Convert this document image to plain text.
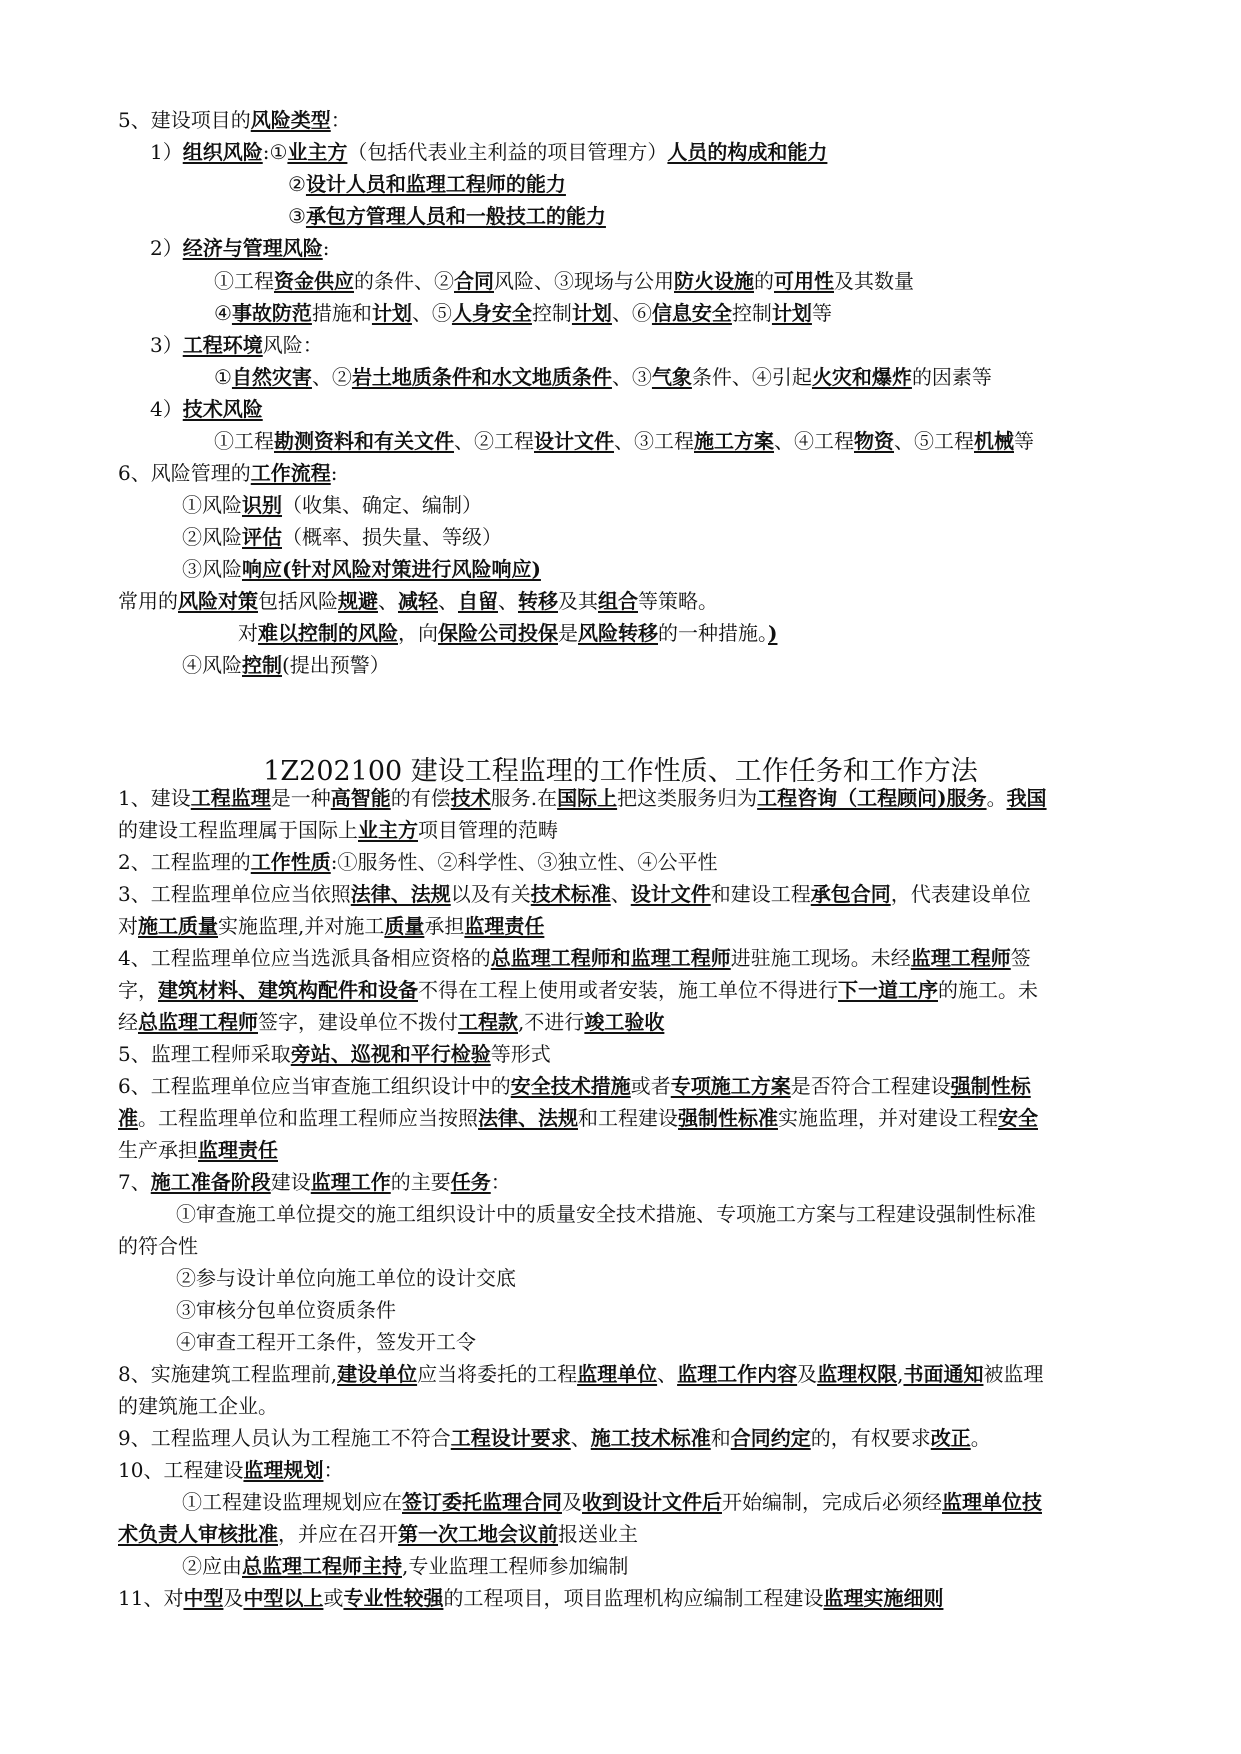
5、建设项目的风险类型：
1）组织风险:①业主方（包括代表业主利益的项目管理方）人员的构成和能力
②设计人员和监理工程师的能力
③承包方管理人员和一般技工的能力
2）经济与管理风险:
①工程资金供应的条件、②合同风险、③现场与公用防火设施的可用性及其数量
④事故防范措施和计划、⑤人身安全控制计划、⑥信息安全控制计划等
3）工程环境风险：
①自然灾害、②岩土地质条件和水文地质条件、③气象条件、④引起火灾和爆炸的因素等
4）技术风险
①工程勘测资料和有关文件、②工程设计文件、③工程施工方案、④工程物资、⑤工程机械等
6、风险管理的工作流程:
①风险识别（收集、确定、编制）
②风险评估（概率、损失量、等级）
③风险响应(针对风险对策进行风险响应)
常用的风险对策包括风险规避、减轻、自留、转移及其组合等策略。
对难以控制的风险，向保险公司投保是风险转移的一种措施。)
④风险控制(提出预警）
1Z202100 建设工程监理的工作性质、工作任务和工作方法
1、建设工程监理是一种高智能的有偿技术服务.在国际上把这类服务归为工程咨询（工程顾问)服务。我国
的建设工程监理属于国际上业主方项目管理的范畴
2、工程监理的工作性质:①服务性、②科学性、③独立性、④公平性
3、工程监理单位应当依照法律、法规以及有关技术标准、设计文件和建设工程承包合同，代表建设单位
对施工质量实施监理,并对施工质量承担监理责任
4、工程监理单位应当选派具备相应资格的总监理工程师和监理工程师进驻施工现场。未经监理工程师签
字，建筑材料、建筑构配件和设备不得在工程上使用或者安装，施工单位不得进行下一道工序的施工。未
经总监理工程师签字，建设单位不拨付工程款,不进行竣工验收
5、监理工程师采取旁站、巡视和平行检验等形式
6、工程监理单位应当审查施工组织设计中的安全技术措施或者专项施工方案是否符合工程建设强制性标
准。工程监理单位和监理工程师应当按照法律、法规和工程建设强制性标准实施监理，并对建设工程安全
生产承担监理责任
7、施工准备阶段建设监理工作的主要任务：
①审查施工单位提交的施工组织设计中的质量安全技术措施、专项施工方案与工程建设强制性标准
的符合性
②参与设计单位向施工单位的设计交底
③审核分包单位资质条件
④审查工程开工条件，签发开工令
8、实施建筑工程监理前,建设单位应当将委托的工程监理单位、监理工作内容及监理权限,书面通知被监理
的建筑施工企业。
9、工程监理人员认为工程施工不符合工程设计要求、施工技术标准和合同约定的，有权要求改正。
10、工程建设监理规划：
①工程建设监理规划应在签订委托监理合同及收到设计文件后开始编制，完成后必须经监理单位技
术负责人审核批准，并应在召开第一次工地会议前报送业主
②应由总监理工程师主持,专业监理工程师参加编制
11、对中型及中型以上或专业性较强的工程项目，项目监理机构应编制工程建设监理实施细则
